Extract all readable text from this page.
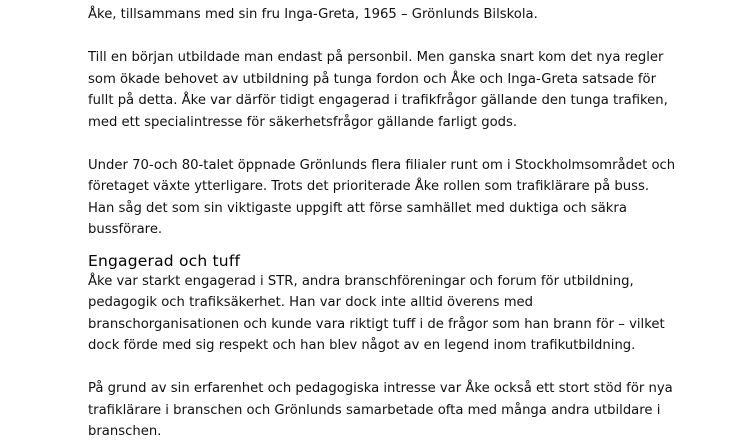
Åke, tillsammans med sin fru Inga-Greta, 1965 – Grönlunds Bilskola.

Till en början utbildade man endast på personbil. Men ganska snart kom det nya regler
som ökade behovet av utbildning på tunga fordon och Åke och Inga-Greta satsade för
fullt på detta. Åke var därför tidigt engagerad i trafikfrågor gällande den tunga trafiken,
med ett specialintresse för säkerhetsfrågor gällande farligt gods.

Under 70-och 80-talet öppnade Grönlunds flera filialer runt om i Stockholmsområdet och
företaget växte ytterligare. Trots det prioriterade Åke rollen som trafiklärare på buss.
Han såg det som sin viktigaste uppgift att förse samhället med duktiga och säkra
bussförare.

Engagerad och tuff

Åke var starkt engagerad i STR, andra branschföreningar och forum för utbildning,
pedagogik och trafiksäkerhet. Han var dock inte alltid överens med
branschorganisationen och kunde vara riktigt tuff i de frågor som han brann för – vilket
dock förde med sig respekt och han blev något av en legend inom trafikutbildning.

På grund av sin erfarenhet och pedagogiska intresse var Åke också ett stort stöd för nya
trafiklärare i branschen och Grönlunds samarbetade ofta med många andra utbildare i
branschen.
